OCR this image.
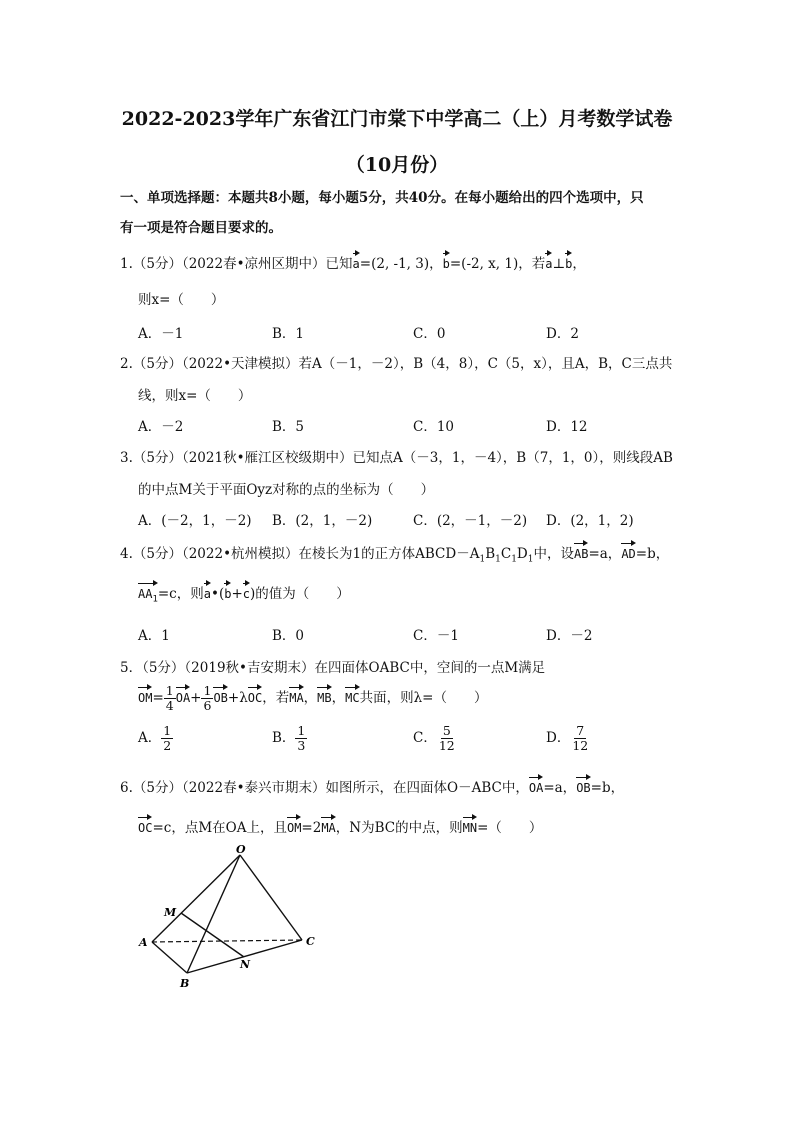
2022-2023学年广东省江门市棠下中学高二（上）月考数学试卷
（10月份）
一、单项选择题：本题共8小题，每小题5分，共40分。在每小题给出的四个选项中，只
有一项是符合题目要求的。
1.（5分）（2022春•凉州区期中）已知a=(2, -1, 3)，b=(-2, x, 1)，若a⊥b，
则x=（　　）
A．－1	B．1	C．0	D．2
2.（5分）（2022•天津模拟）若A（－1，－2），B（4，8），C（5，x），且A，B，C三点共
线，则x=（　　）
A．－2	B．5	C．10	D．12
3.（5分）（2021秋•雁江区校级期中）已知点A（－3，1，－4），B（7，1，0），则线段AB
的中点M关于平面Oyz对称的点的坐标为（　　）
A．(－2，1，－2) B．(2，1，－2)	C．(2，－1，－2) D．(2，1，2)
4.（5分）（2022•杭州模拟）在棱长为1的正方体$ABCD-A_1B_1C_1D_1$中，设AB=a，AD=b，
$AA_1=c$，则a•(b+c)的值为（　　）
A．1	B．0	C．－1	D．－2
5．（5分）（2019秋•吉安期末）在四面体OABC中，空间的一点M满足
$OM= \frac{1}{4} OA+ \frac{1}{6} OB+\lambda OC$，若MA，MB，MC共面，则λ=（　　）
A． $\frac{1}{2}$	B． $\frac{1}{3}$	C． $\frac{5}{12}$	D． $\frac{7}{12}$
6.（5分）（2022春•泰兴市期末）如图所示，在四面体O－ABC中，OA=a，OB=b，
OC=c，点M在OA上，且OM=2MA，N为BC的中点，则MN=（　　）
O
M
A	C
N
B
